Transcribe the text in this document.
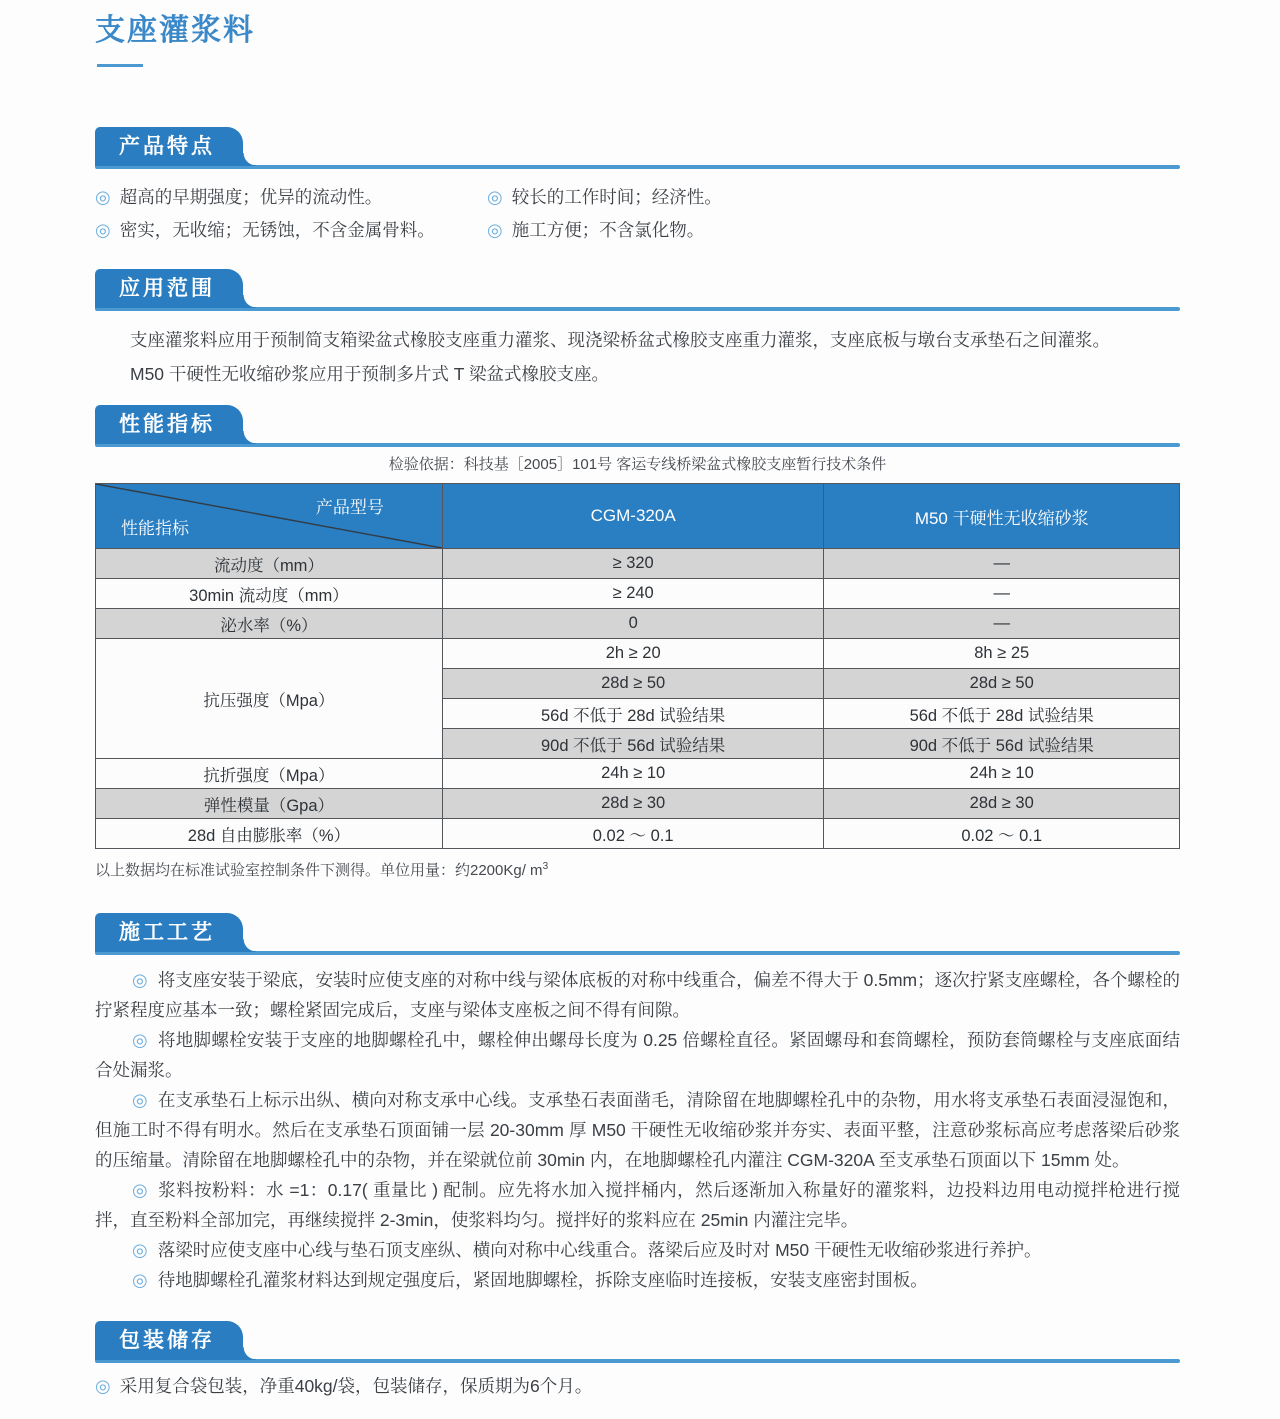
支座灌浆料
产品特点
◎ 超高的早期强度；优异的流动性。	◎ 较长的工作时间；经济性。
◎ 密实，无收缩；无锈蚀，不含金属骨料。	◎ 施工方便；不含氯化物。
应用范围
支座灌浆料应用于预制简支箱梁盆式橡胶支座重力灌浆、现浇梁桥盆式橡胶支座重力灌浆，支座底板与墩台支承垫石之间灌浆。
M50 干硬性无收缩砂浆应用于预制多片式 T 梁盆式橡胶支座。
性能指标
检验依据：科技基［2005］101号 客运专线桥梁盆式橡胶支座暂行技术条件
产品型号
性能指标	CGM-320A	M50 干硬性无收缩砂浆
流动度（mm）	≥ 320	—
30min 流动度（mm）	≥ 240	—
泌水率（%）	0	—
抗压强度（Mpa）	2h ≥ 20	8h ≥ 25
	28d ≥ 50	28d ≥ 50
	56d 不低于 28d 试验结果	56d 不低于 28d 试验结果
	90d 不低于 56d 试验结果	90d 不低于 56d 试验结果
抗折强度（Mpa）	24h ≥ 10	24h ≥ 10
弹性模量（Gpa）	28d ≥ 30	28d ≥ 30
28d 自由膨胀率（%）	0.02 ～ 0.1	0.02 ～ 0.1
以上数据均在标准试验室控制条件下测得。单位用量：约2200Kg/ $m^3$
施工工艺

◎ 将支座安装于梁底，安装时应使支座的对称中线与梁体底板的对称中线重合，偏差不得大于 0.5mm；逐次拧紧支座螺栓，各个螺栓的拧紧程度应基本一致；螺栓紧固完成后，支座与梁体支座板之间不得有间隙。

◎ 将地脚螺栓安装于支座的地脚螺栓孔中，螺栓伸出螺母长度为 0.25 倍螺栓直径。紧固螺母和套筒螺栓，预防套筒螺栓与支座底面结合处漏浆。

◎ 在支承垫石上标示出纵、横向对称支承中心线。支承垫石表面凿毛，清除留在地脚螺栓孔中的杂物，用水将支承垫石表面浸湿饱和，但施工时不得有明水。然后在支承垫石顶面铺一层 20-30mm 厚 M50 干硬性无收缩砂浆并夯实、表面平整，注意砂浆标高应考虑落梁后砂浆的压缩量。清除留在地脚螺栓孔中的杂物，并在梁就位前 30min 内，在地脚螺栓孔内灌注 CGM-320A 至支承垫石顶面以下 15mm 处。

◎ 浆料按粉料：水 =1：0.17( 重量比 ) 配制。应先将水加入搅拌桶内，然后逐渐加入称量好的灌浆料，边投料边用电动搅拌枪进行搅拌，直至粉料全部加完，再继续搅拌 2-3min，使浆料均匀。搅拌好的浆料应在 25min 内灌注完毕。

◎ 落梁时应使支座中心线与垫石顶支座纵、横向对称中心线重合。落梁后应及时对 M50 干硬性无收缩砂浆进行养护。

◎ 待地脚螺栓孔灌浆材料达到规定强度后，紧固地脚螺栓，拆除支座临时连接板，安装支座密封围板。

包装储存
◎ 采用复合袋包装，净重40kg/袋，包装储存，保质期为6个月。
